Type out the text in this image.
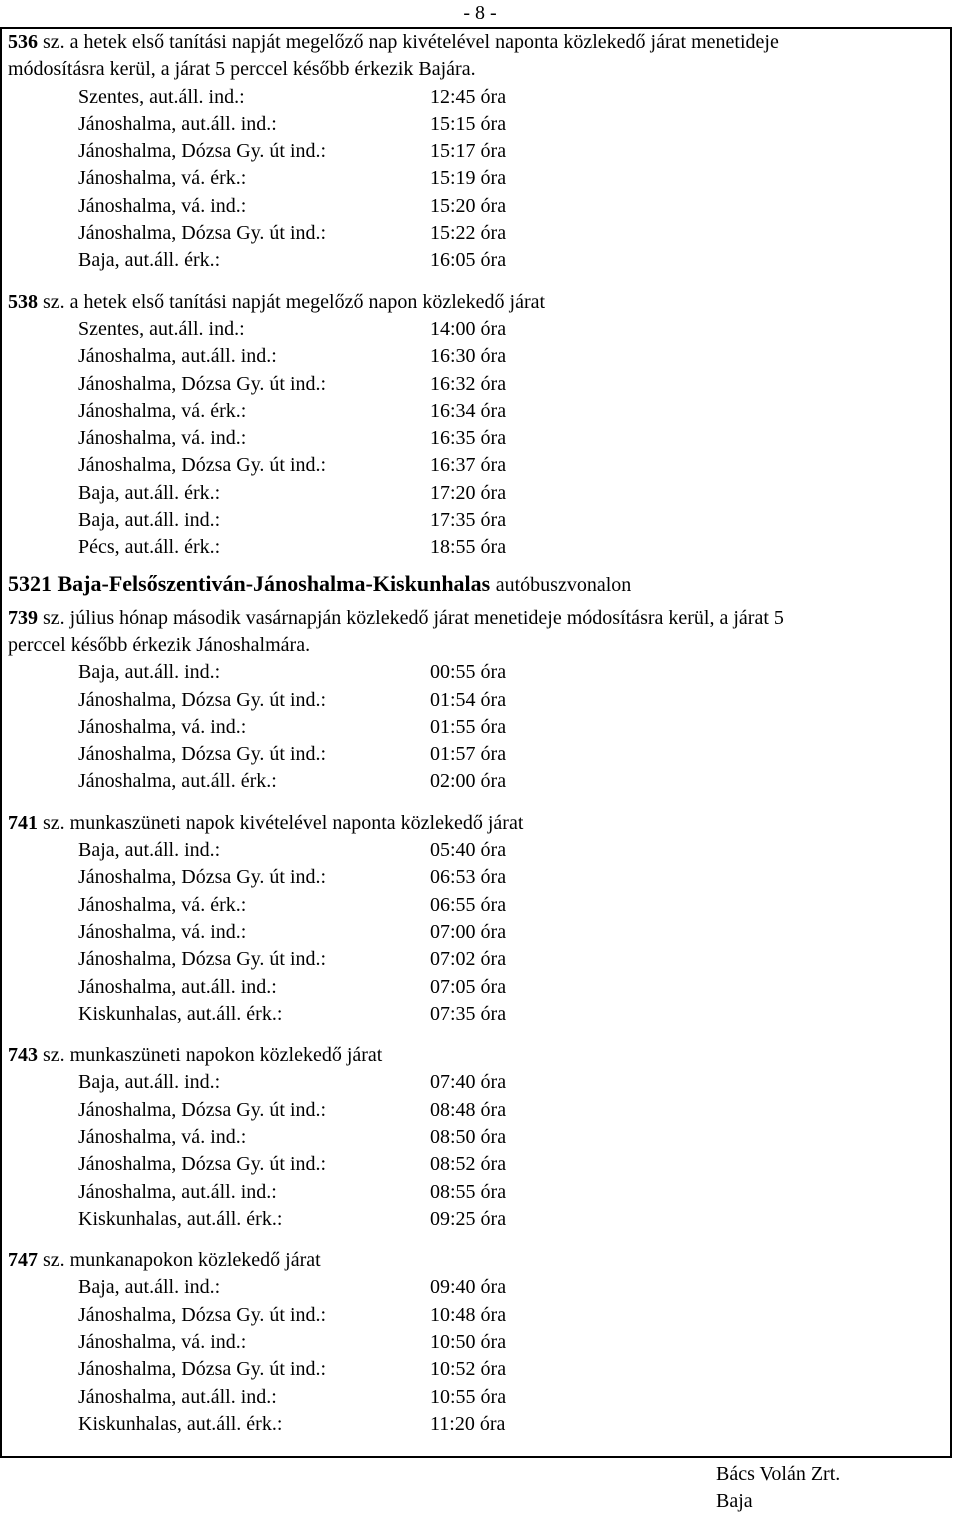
- 8 -
536 sz. a hetek első tanítási napját megelőző nap kivételével naponta közlekedő járat menetideje
módosításra kerül, a járat 5 perccel később érkezik Bajára.
Szentes, aut.áll. ind.:	12:45 óra
Jánoshalma, aut.áll. ind.:	15:15 óra
Jánoshalma, Dózsa Gy. út ind.:	15:17 óra
Jánoshalma, vá. érk.:	15:19 óra
Jánoshalma, vá. ind.:	15:20 óra
Jánoshalma, Dózsa Gy. út ind.:	15:22 óra
Baja, aut.áll. érk.:	16:05 óra
538 sz. a hetek első tanítási napját megelőző napon közlekedő járat
Szentes, aut.áll. ind.:	14:00 óra
Jánoshalma, aut.áll. ind.:	16:30 óra
Jánoshalma, Dózsa Gy. út ind.:	16:32 óra
Jánoshalma, vá. érk.:	16:34 óra
Jánoshalma, vá. ind.:	16:35 óra
Jánoshalma, Dózsa Gy. út ind.:	16:37 óra
Baja, aut.áll. érk.:	17:20 óra
Baja, aut.áll. ind.:	17:35 óra
Pécs, aut.áll. érk.:	18:55 óra
5321 Baja-Felsőszentiván-Jánoshalma-Kiskunhalas autóbuszvonalon
739 sz. július hónap második vasárnapján közlekedő járat menetideje módosításra kerül, a járat 5
perccel később érkezik Jánoshalmára.
Baja, aut.áll. ind.:	00:55 óra
Jánoshalma, Dózsa Gy. út ind.:	01:54 óra
Jánoshalma, vá. ind.:	01:55 óra
Jánoshalma, Dózsa Gy. út ind.:	01:57 óra
Jánoshalma, aut.áll. érk.:	02:00 óra
741 sz. munkaszüneti napok kivételével naponta közlekedő járat
Baja, aut.áll. ind.:	05:40 óra
Jánoshalma, Dózsa Gy. út ind.:	06:53 óra
Jánoshalma, vá. érk.:	06:55 óra
Jánoshalma, vá. ind.:	07:00 óra
Jánoshalma, Dózsa Gy. út ind.:	07:02 óra
Jánoshalma, aut.áll. ind.:	07:05 óra
Kiskunhalas, aut.áll. érk.:	07:35 óra
743 sz. munkaszüneti napokon közlekedő járat
Baja, aut.áll. ind.:	07:40 óra
Jánoshalma, Dózsa Gy. út ind.:	08:48 óra
Jánoshalma, vá. ind.:	08:50 óra
Jánoshalma, Dózsa Gy. út ind.:	08:52 óra
Jánoshalma, aut.áll. ind.:	08:55 óra
Kiskunhalas, aut.áll. érk.:	09:25 óra
747 sz. munkanapokon közlekedő járat
Baja, aut.áll. ind.:	09:40 óra
Jánoshalma, Dózsa Gy. út ind.:	10:48 óra
Jánoshalma, vá. ind.:	10:50 óra
Jánoshalma, Dózsa Gy. út ind.:	10:52 óra
Jánoshalma, aut.áll. ind.:	10:55 óra
Kiskunhalas, aut.áll. érk.:	11:20 óra
Bács Volán Zrt.
Baja
